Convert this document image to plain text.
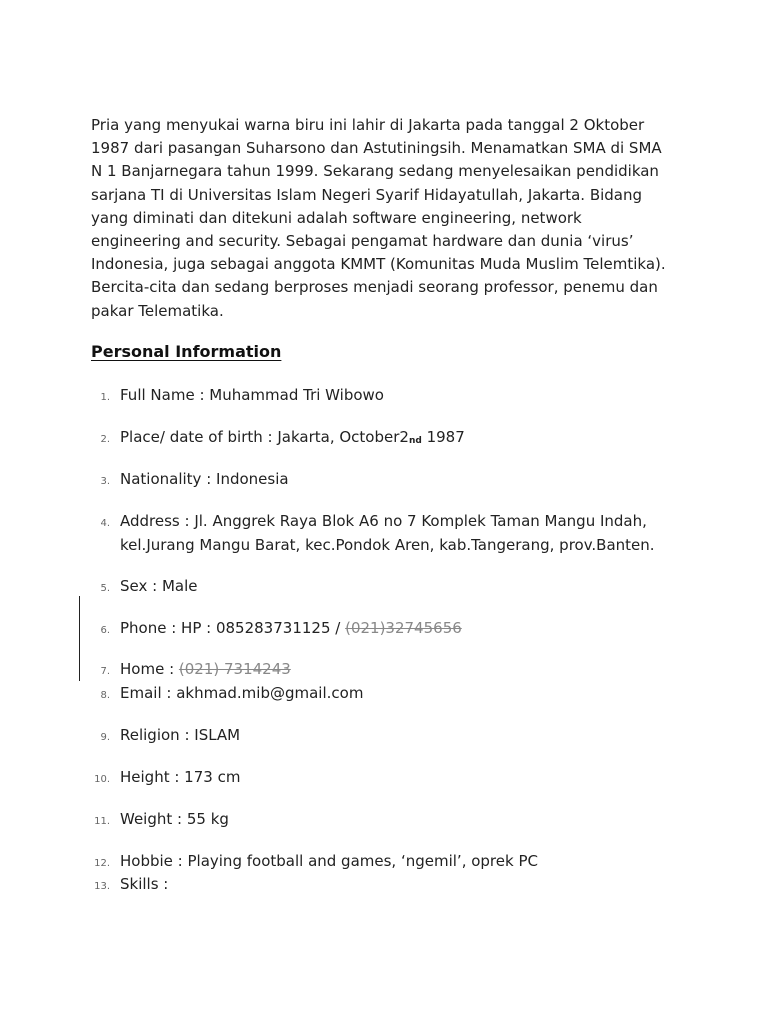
Pria yang menyukai warna biru ini lahir di Jakarta pada tanggal 2 Oktober
1987 dari pasangan Suharsono dan Astutiningsih. Menamatkan SMA di SMA
N 1 Banjarnegara tahun 1999. Sekarang sedang menyelesaikan pendidikan
sarjana TI di Universitas Islam Negeri Syarif Hidayatullah, Jakarta. Bidang
yang diminati dan ditekuni adalah software engineering, network
engineering and security. Sebagai pengamat hardware dan dunia ‘virus’
Indonesia, juga sebagai anggota KMMT (Komunitas Muda Muslim Telemtika).
Bercita-cita dan sedang berproses menjadi seorang professor, penemu dan
pakar Telematika.

Personal Information
1. Full Name : Muhammad Tri Wibowo
2. Place/ date of birth : Jakarta, October2nd 1987
3. Nationality : Indonesia
4. Address : Jl. Anggrek Raya Blok A6 no 7 Komplek Taman Mangu Indah,
kel.Jurang Mangu Barat, kec.Pondok Aren, kab.Tangerang, prov.Banten.
5. Sex : Male
6. Phone : HP : 085283731125 / (021)32745656
7. Home : (021) 7314243
8. Email : akhmad.mib@gmail.com
9. Religion : ISLAM
10. Height : 173 cm
11. Weight : 55 kg
12. Hobbie : Playing football and games, ‘ngemil’, oprek PC
13. Skills :
